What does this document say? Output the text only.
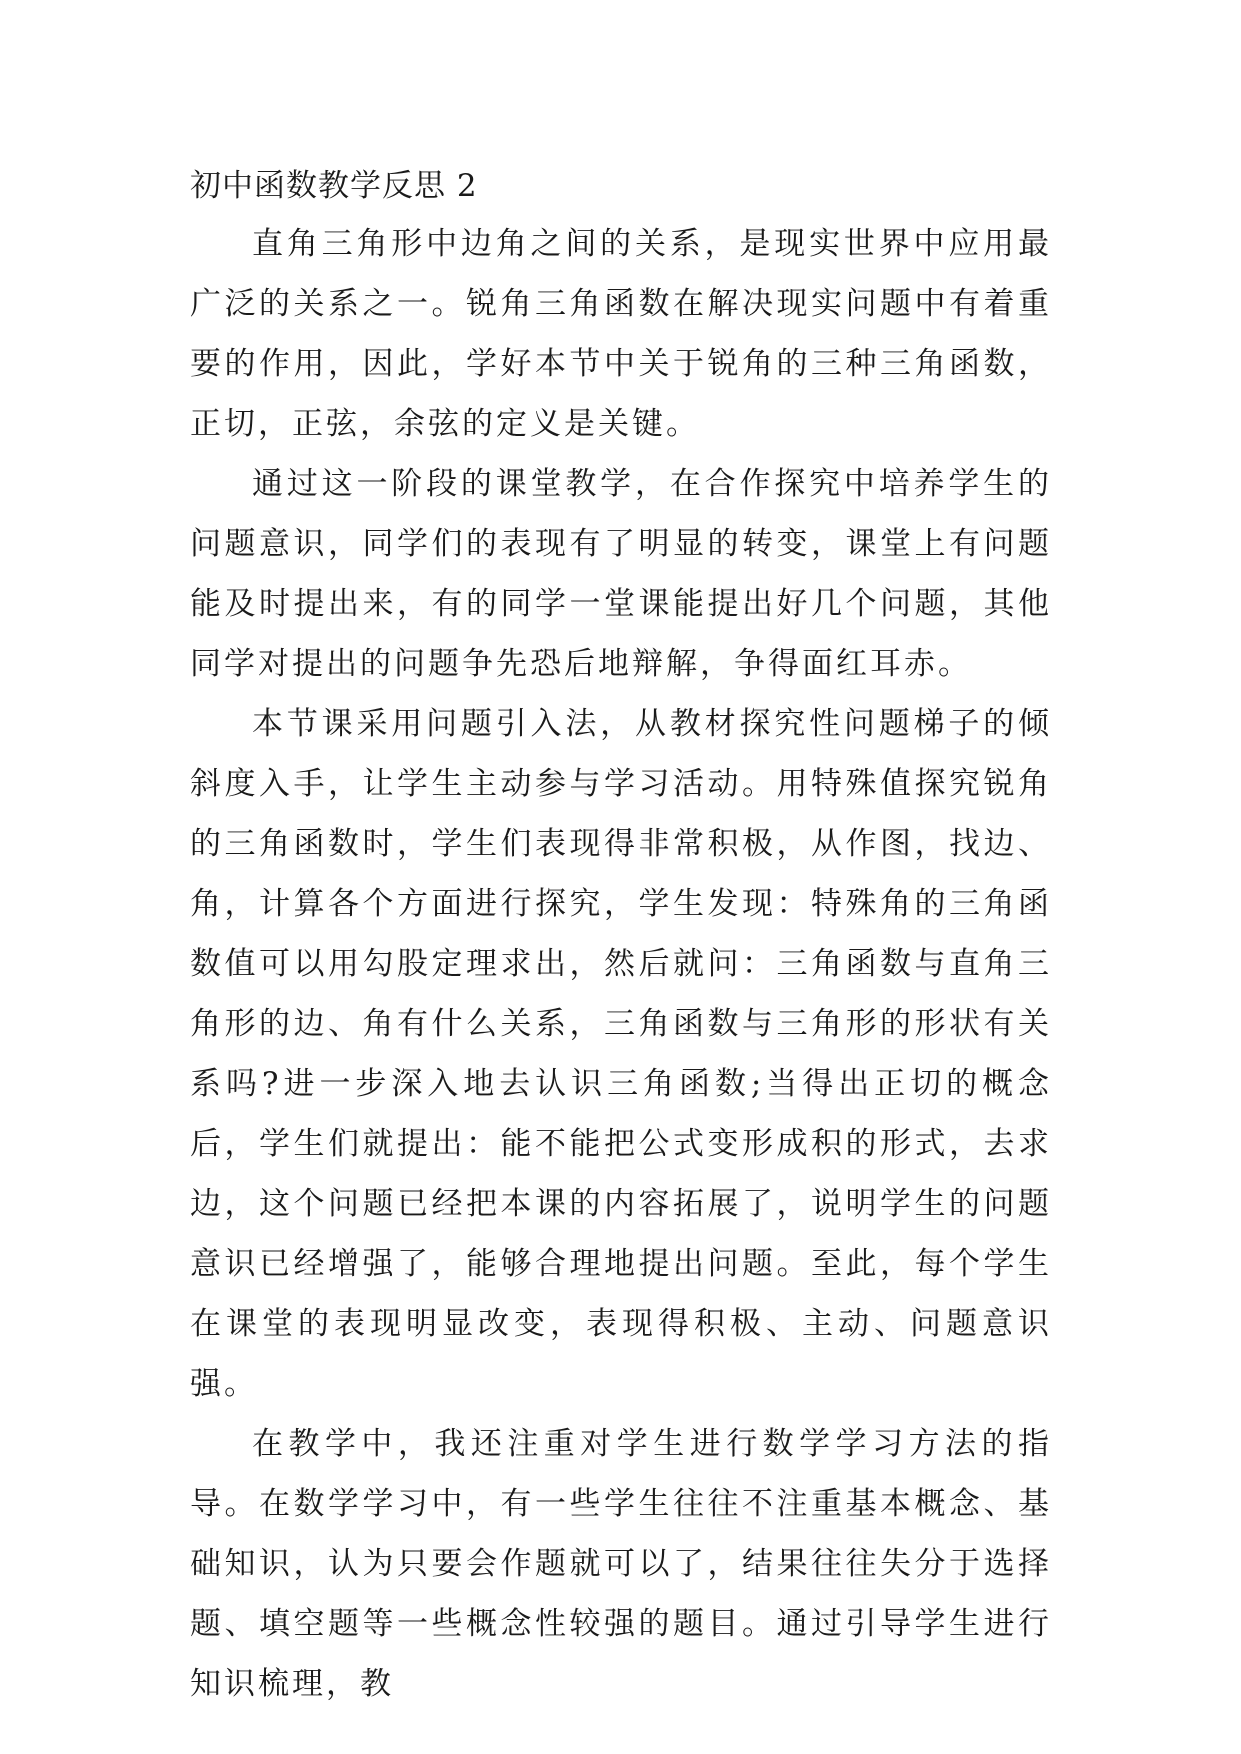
初中函数教学反思 2

直角三角形中边角之间的关系，是现实世界中应用最广泛的关系之一。锐角三角函数在解决现实问题中有着重要的作用，因此，学好本节中关于锐角的三种三角函数，正切，正弦，余弦的定义是关键。

通过这一阶段的课堂教学，在合作探究中培养学生的问题意识，同学们的表现有了明显的转变，课堂上有问题能及时提出来，有的同学一堂课能提出好几个问题，其他同学对提出的问题争先恐后地辩解，争得面红耳赤。

本节课采用问题引入法，从教材探究性问题梯子的倾斜度入手，让学生主动参与学习活动。用特殊值探究锐角的三角函数时，学生们表现得非常积极，从作图，找边、角，计算各个方面进行探究，学生发现：特殊角的三角函数值可以用勾股定理求出，然后就问：三角函数与直角三角形的边、角有什么关系，三角函数与三角形的形状有关系吗?进一步深入地去认识三角函数;当得出正切的概念后，学生们就提出：能不能把公式变形成积的形式，去求边，这个问题已经把本课的内容拓展了，说明学生的问题意识已经增强了，能够合理地提出问题。至此，每个学生在课堂的表现明显改变，表现得积极、主动、问题意识强。

在教学中，我还注重对学生进行数学学习方法的指导。在数学学习中，有一些学生往往不注重基本概念、基础知识，认为只要会作题就可以了，结果往往失分于选择题、填空题等一些概念性较强的题目。通过引导学生进行知识梳理，教
